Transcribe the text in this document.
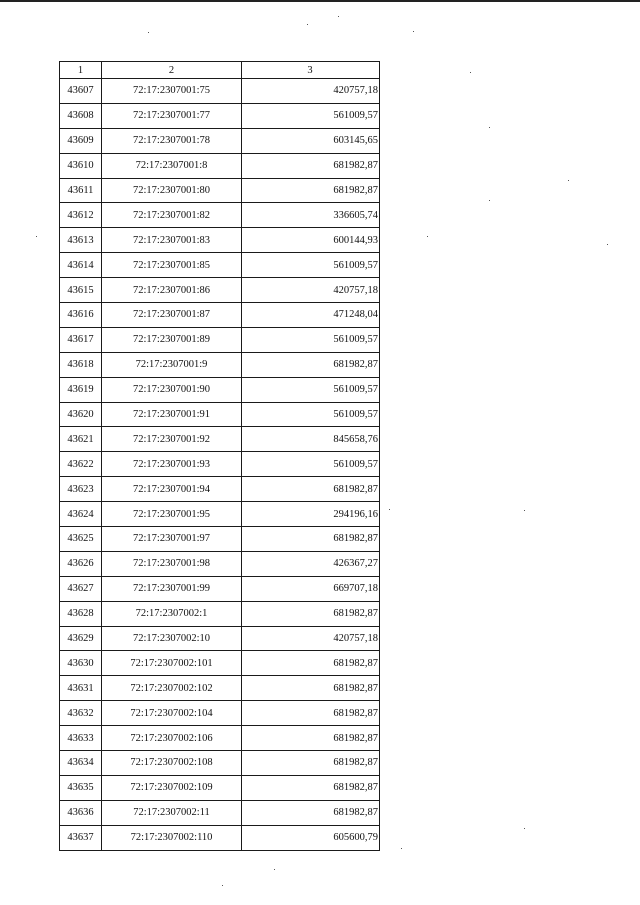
1	2	3
43607	72:17:2307001:75	420757,18
43608	72:17:2307001:77	561009,57
43609	72:17:2307001:78	603145,65
43610	72:17:2307001:8	681982,87
43611	72:17:2307001:80	681982,87
43612	72:17:2307001:82	336605,74
43613	72:17:2307001:83	600144,93
43614	72:17:2307001:85	561009,57
43615	72:17:2307001:86	420757,18
43616	72:17:2307001:87	471248,04
43617	72:17:2307001:89	561009,57
43618	72:17:2307001:9	681982,87
43619	72:17:2307001:90	561009,57
43620	72:17:2307001:91	561009,57
43621	72:17:2307001:92	845658,76
43622	72:17:2307001:93	561009,57
43623	72:17:2307001:94	681982,87
43624	72:17:2307001:95	294196,16
43625	72:17:2307001:97	681982,87
43626	72:17:2307001:98	426367,27
43627	72:17:2307001:99	669707,18
43628	72:17:2307002:1	681982,87
43629	72:17:2307002:10	420757,18
43630	72:17:2307002:101	681982,87
43631	72:17:2307002:102	681982,87
43632	72:17:2307002:104	681982,87
43633	72:17:2307002:106	681982,87
43634	72:17:2307002:108	681982,87
43635	72:17:2307002:109	681982,87
43636	72:17:2307002:11	681982,87
43637	72:17:2307002:110	605600,79
